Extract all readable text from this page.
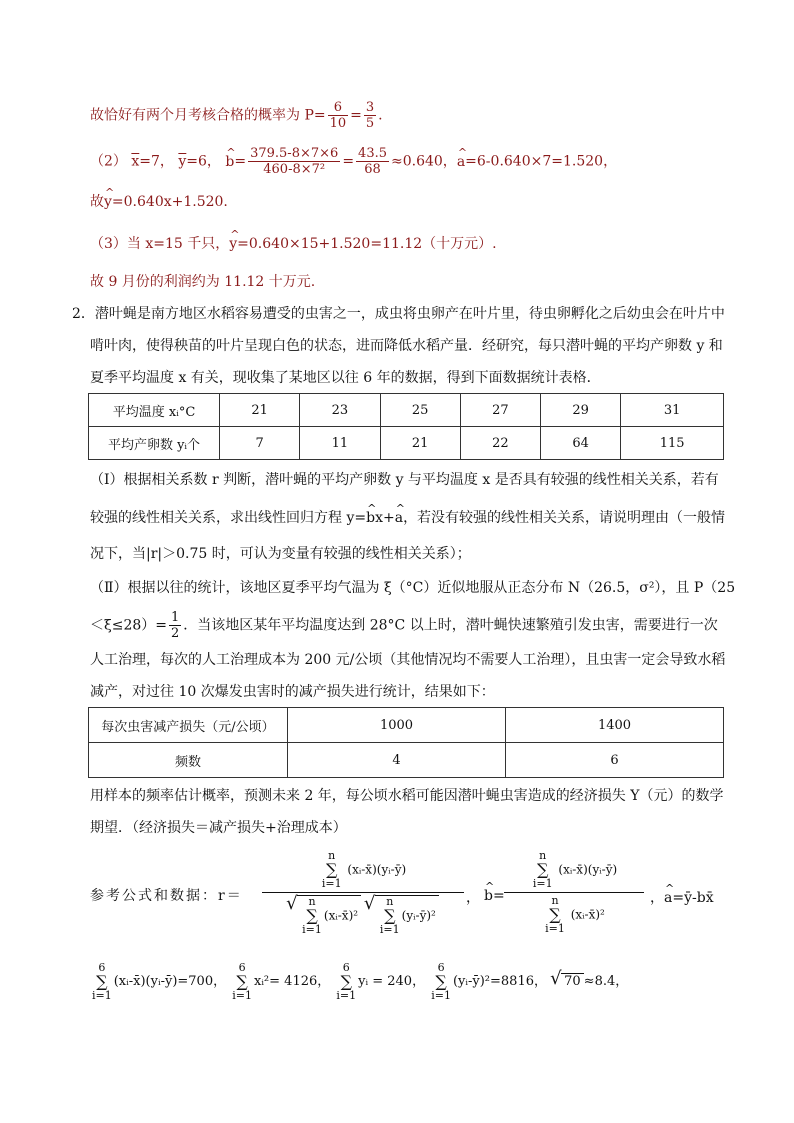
故恰好有两个月考核合格的概率为 $P= \frac{6}{10} = \frac{3}{5}$ .
（2） $\overline{x}=7$， $\overline{y}=6$， ^ $b= \frac{379.5-8\times 7\times 6}{\text{460-8×7²}} = \frac{43.5}{68} \approx 0.640$，^ a=6-0.640×7=1.520，
故^ y=0.640x+1.520.
（3）当 x=15 千只，^ y=0.640×15+1.520=11.12（十万元）.
故 9 月份的利润约为 11.12 十万元.
2．潜叶蝇是南方地区水稻容易遭受的虫害之一，成虫将虫卵产在叶片里，待虫卵孵化之后幼虫会在叶片中
啃叶肉，使得秧苗的叶片呈现白色的状态，进而降低水稻产量．经研究，每只潜叶蝇的平均产卵数 y 和
夏季平均温度 x 有关，现收集了某地区以往 6 年的数据，得到下面数据统计表格．
平均温度 xᵢ°C	21	23	25	27	29	31
平均产卵数 yᵢ个	7	11	21	22	64	115
（Ⅰ）根据相关系数 r 判断，潜叶蝇的平均产卵数 y 与平均温度 x 是否具有较强的线性相关关系，若有
较强的线性相关关系，求出线性回归方程 y=^ bx+^ a，若没有较强的线性相关关系，请说明理由（一般情
况下，当|r|＞0.75 时，可认为变量有较强的线性相关关系）；
（Ⅱ）根据以往的统计，该地区夏季平均气温为 ξ（°C）近似地服从正态分布 N（26.5，σ²），且 P（25
$<\xi\le 28)= \frac{1}{2}$ ．当该地区某年平均温度达到 28°C 以上时，潜叶蝇快速繁殖引发虫害，需要进行一次
人工治理，每次的人工治理成本为 200 元/公顷（其他情况均不需要人工治理），且虫害一定会导致水稻
减产，对过往 10 次爆发虫害时的减产损失进行统计，结果如下：
每次虫害减产损失（元/公顷）	1000	1400
频数	4	6
用样本的频率估计概率，预测未来 2 年，每公顷水稻可能因潜叶蝇虫害造成的经济损失 Y（元）的数学
期望．（经济损失＝减产损失+治理成本）
参考公式和数据：r＝ n
∑
i=1 (xᵢ-x̄)(yᵢ-ȳ)
√ n
∑
i=1(xᵢ-x̄)² √ n
∑
i=1(yᵢ-ȳ)² ， ^ b= n
∑
i=1 (xᵢ-x̄)(yᵢ-ȳ)
n
∑
i=1 (xᵢ-x̄)² ，^ a=ȳ-bx̄
6
∑
i=1(xᵢ-x̄)(yᵢ-ȳ)=700， 6
∑
i=1xᵢ²= 4126， 6
∑
i=1yᵢ = 240， 6
∑
i=1(yᵢ-ȳ)²=8816， √ 70 ≈8.4，
